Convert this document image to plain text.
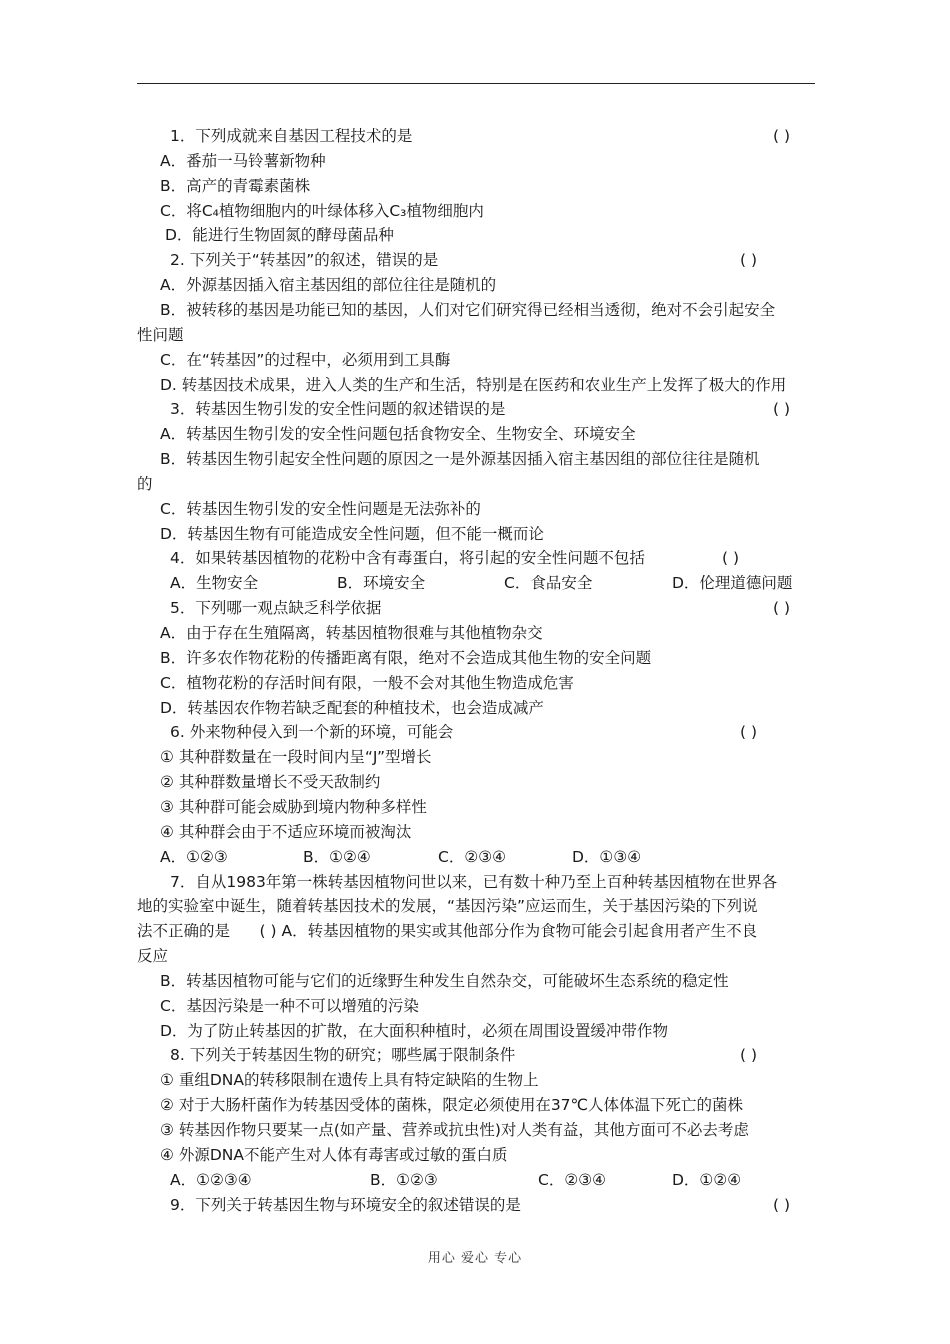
1．下列成就来自基因工程技术的是	( )
A．番茄一马铃薯新物种
B．高产的青霉素菌株
C．将C₄植物细胞内的叶绿体移入C₃植物细胞内
D．能进行生物固氮的酵母菌品种
2. 下列关于“转基因”的叙述，错误的是	( )
A．外源基因插入宿主基因组的部位往往是随机的
B．被转移的基因是功能已知的基因，人们对它们研究得已经相当透彻，绝对不会引起安全
性问题
C．在“转基因”的过程中，必须用到工具酶
D. 转基因技术成果，进入人类的生产和生活，特别是在医药和农业生产上发挥了极大的作用
3．转基因生物引发的安全性问题的叙述错误的是	( )
A．转基因生物引发的安全性问题包括食物安全、生物安全、环境安全
B．转基因生物引起安全性问题的原因之一是外源基因插入宿主基因组的部位往往是随机
的
C．转基因生物引发的安全性问题是无法弥补的
D．转基因生物有可能造成安全性问题，但不能一概而论
4．如果转基因植物的花粉中含有毒蛋白，将引起的安全性问题不包括	( )
A．生物安全	B．环境安全	C．食品安全	D．伦理道德问题
5．下列哪一观点缺乏科学依据	( )
A．由于存在生殖隔离，转基因植物很难与其他植物杂交
B．许多农作物花粉的传播距离有限，绝对不会造成其他生物的安全问题
C．植物花粉的存活时间有限，一般不会对其他生物造成危害
D．转基因农作物若缺乏配套的种植技术，也会造成减产
6. 外来物种侵入到一个新的环境，可能会	( )
① 其种群数量在一段时间内呈“J”型增长
② 其种群数量增长不受天敌制约
③ 其种群可能会威胁到境内物种多样性
④ 其种群会由于不适应环境而被淘汰
A．①②③	B．①②④	C．②③④	D．①③④
7．自从1983年第一株转基因植物问世以来，已有数十种乃至上百种转基因植物在世界各
地的实验室中诞生，随着转基因技术的发展，“基因污染”应运而生，关于基因污染的下列说
法不正确的是      ( ) A．转基因植物的果实或其他部分作为食物可能会引起食用者产生不良
反应
B．转基因植物可能与它们的近缘野生种发生自然杂交，可能破坏生态系统的稳定性
C．基因污染是一种不可以增殖的污染
D．为了防止转基因的扩散，在大面积种植时，必须在周围设置缓冲带作物
8. 下列关于转基因生物的研究；哪些属于限制条件	( )
① 重组DNA的转移限制在遗传上具有特定缺陷的生物上
② 对于大肠杆菌作为转基因受体的菌株，限定必须使用在37℃人体体温下死亡的菌株
③ 转基因作物只要某一点(如产量、营养或抗虫性)对人类有益，其他方面可不必去考虑
④ 外源DNA不能产生对人体有毒害或过敏的蛋白质
A．①②③④	B．①②③	C．②③④	D．①②④
9．下列关于转基因生物与环境安全的叙述错误的是	( )
用心 爱心 专心
